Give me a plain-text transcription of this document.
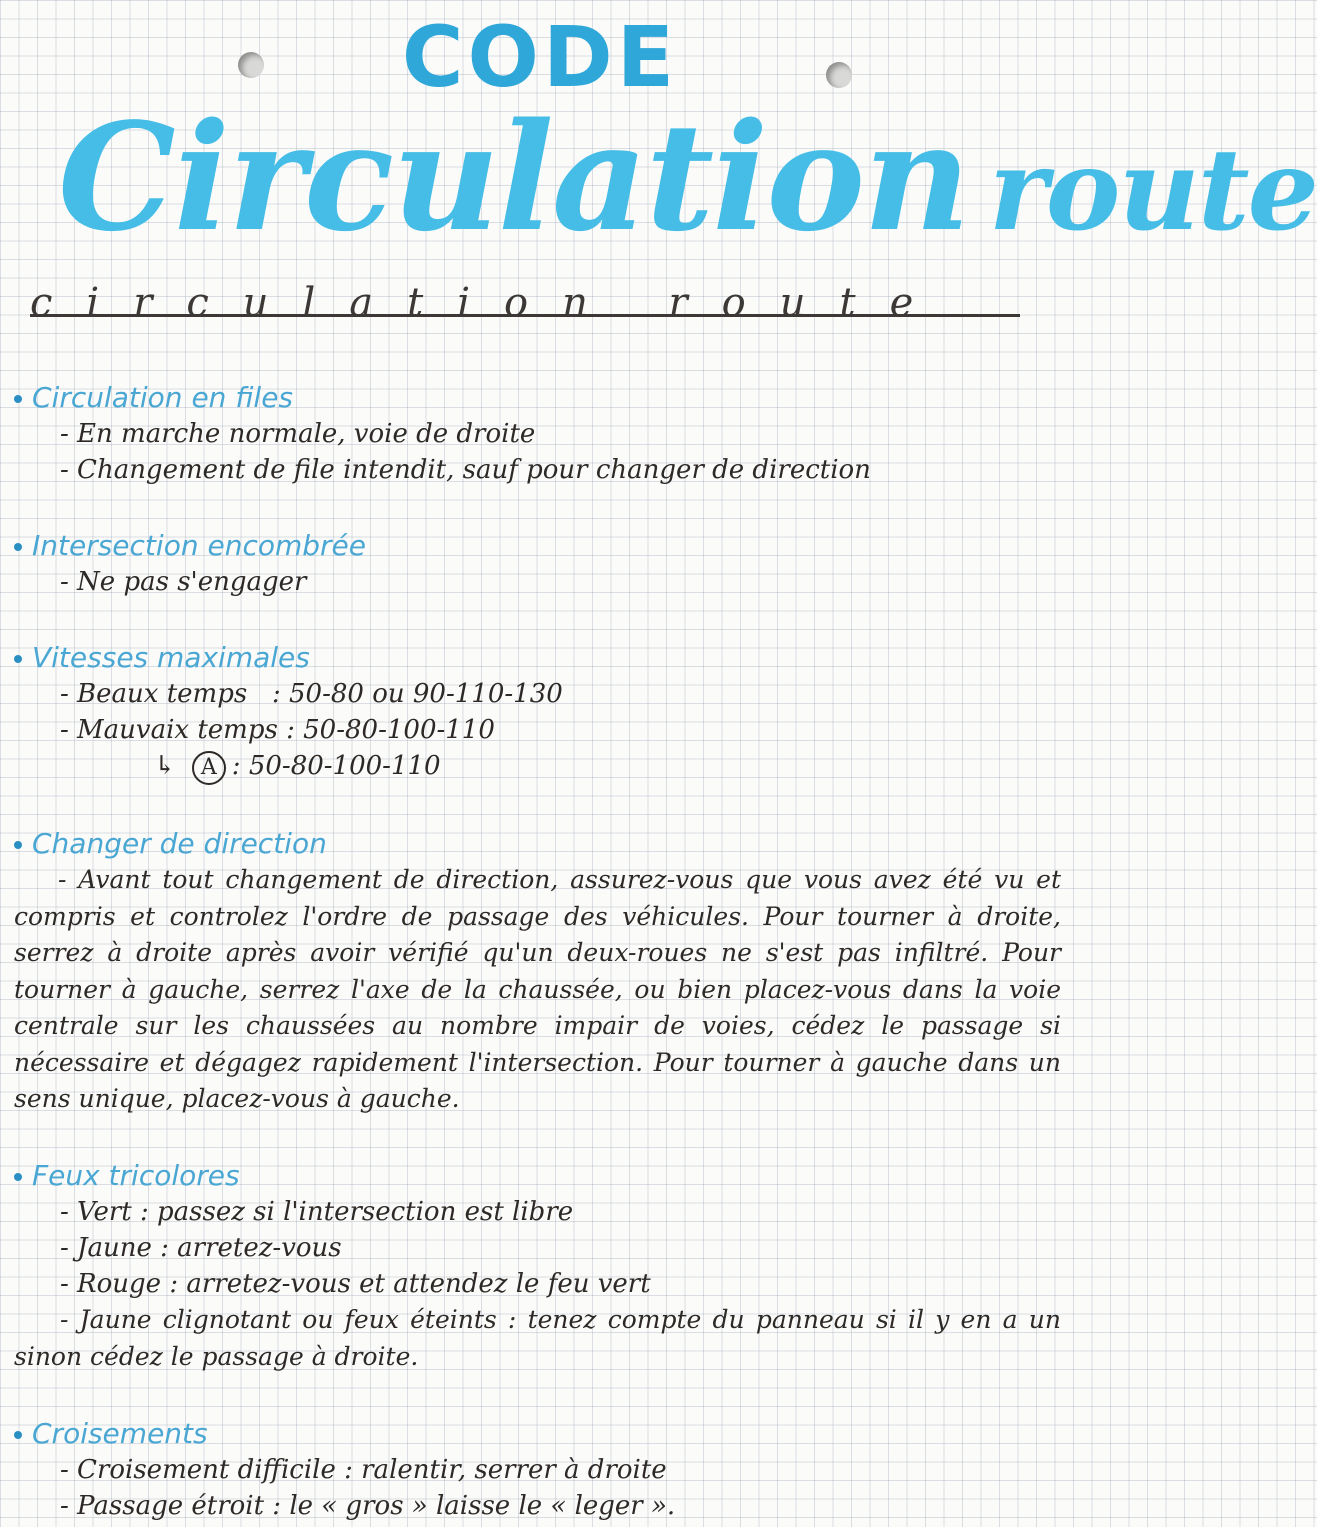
CODE
Circulation route
circulation route
Circulation en files
- En marche normale, voie de droite
- Changement de file intendit, sauf pour changer de direction
Intersection encombrée
- Ne pas s'engager
Vitesses maximales
- Beaux temps   : 50-80 ou 90-110-130
- Mauvaix temps : 50-80-100-110
↳ A : 50-80-100-110
Changer de direction
- Avant tout changement de direction, assurez-vous que vous avez été vu et compris et controlez l'ordre de passage des véhicules. Pour tourner à droite, serrez à droite après avoir vérifié qu'un deux-roues ne s'est pas infiltré. Pour tourner à gauche, serrez l'axe de la chaussée, ou bien placez-vous dans la voie centrale sur les chaussées au nombre impair de voies, cédez le passage si nécessaire et dégagez rapidement l'intersection. Pour tourner à gauche dans un sens unique, placez-vous à gauche.
Feux tricolores
- Vert : passez si l'intersection est libre
- Jaune : arretez-vous
- Rouge : arretez-vous et attendez le feu vert
- Jaune clignotant ou feux éteints : tenez compte du panneau si il y en a un sinon cédez le passage à droite.
Croisements
- Croisement difficile : ralentir, serrer à droite
- Passage étroit : le « gros » laisse le « leger ».
